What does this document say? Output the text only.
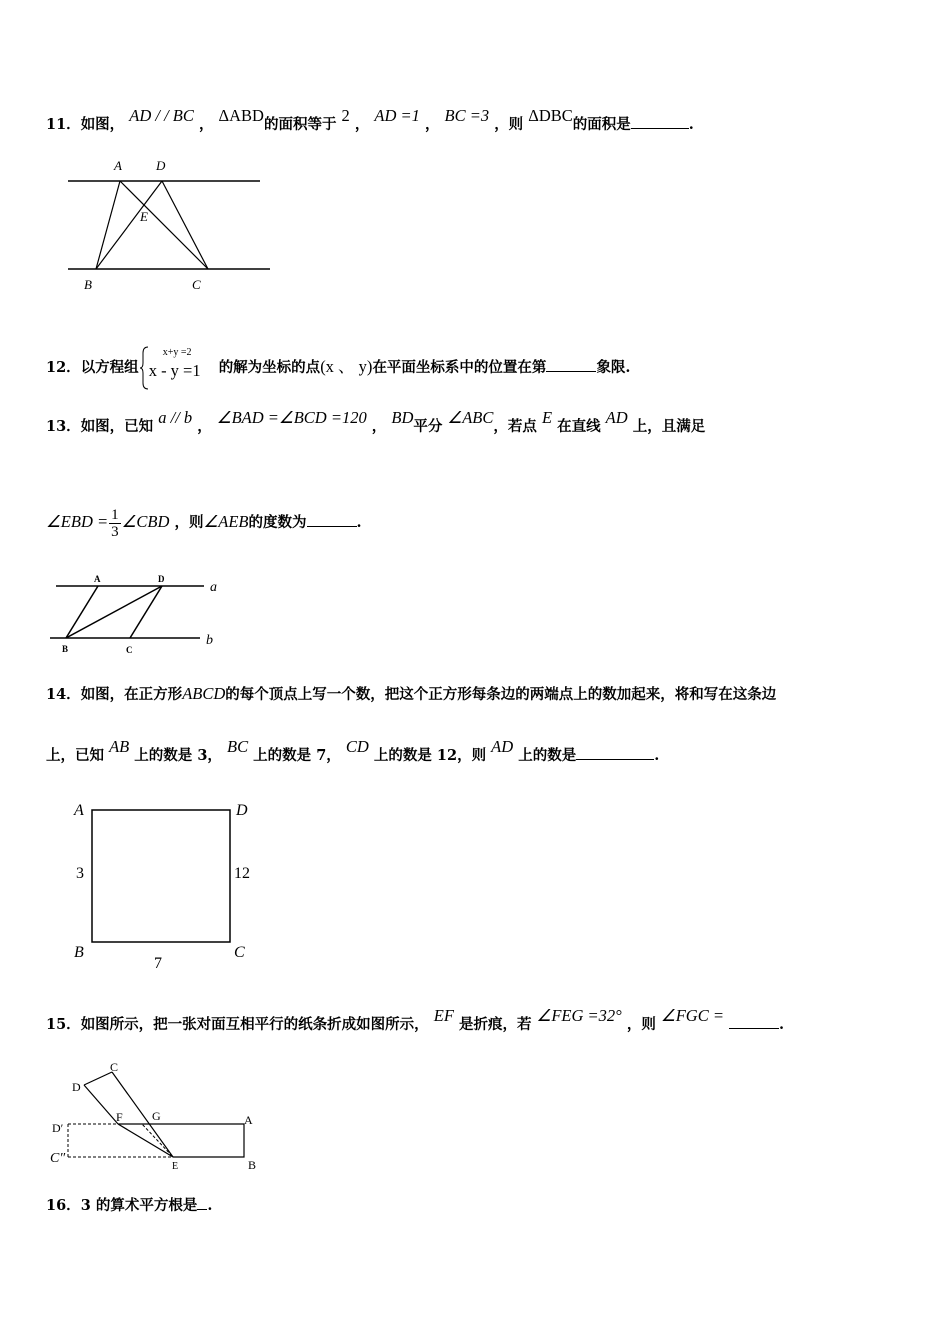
11．如图， AD / / BC ， ΔABD的面积等于 2 ， AD =1 ， BC =3 ，则 ΔDBC的面积是	.
A	D
E
B	C
12．以方程组
x+y =2
x - y =1 的解为坐标的点(x 、 y)在平面坐标系中的位置在第	象限.
13．如图，已知 a // b ， ∠BAD =∠BCD =120 ， BD平分 ∠ABC，若点 E 在直线 AD 上，且满足
∠EBD = $\frac{1}{3}$ ∠CBD ，则∠AEB的度数为	.
A	D
B	C
a
b
14．如图，在正方形ABCD的每个顶点上写一个数，把这个正方形每条边的两端点上的数加起来，将和写在这条边
上，已知 AB 上的数是 3， BC 上的数是 7， CD 上的数是 12，则 AD 上的数是	.
A	D
B	C
3	12
7
15．如图所示，把一张对面互相平行的纸条折成如图所示， EF 是折痕，若 ∠FEG =32° ，则 ∠FGC =	.
C
D
F G	A
D′
C″
E	B
16．3 的算术平方根是 .
